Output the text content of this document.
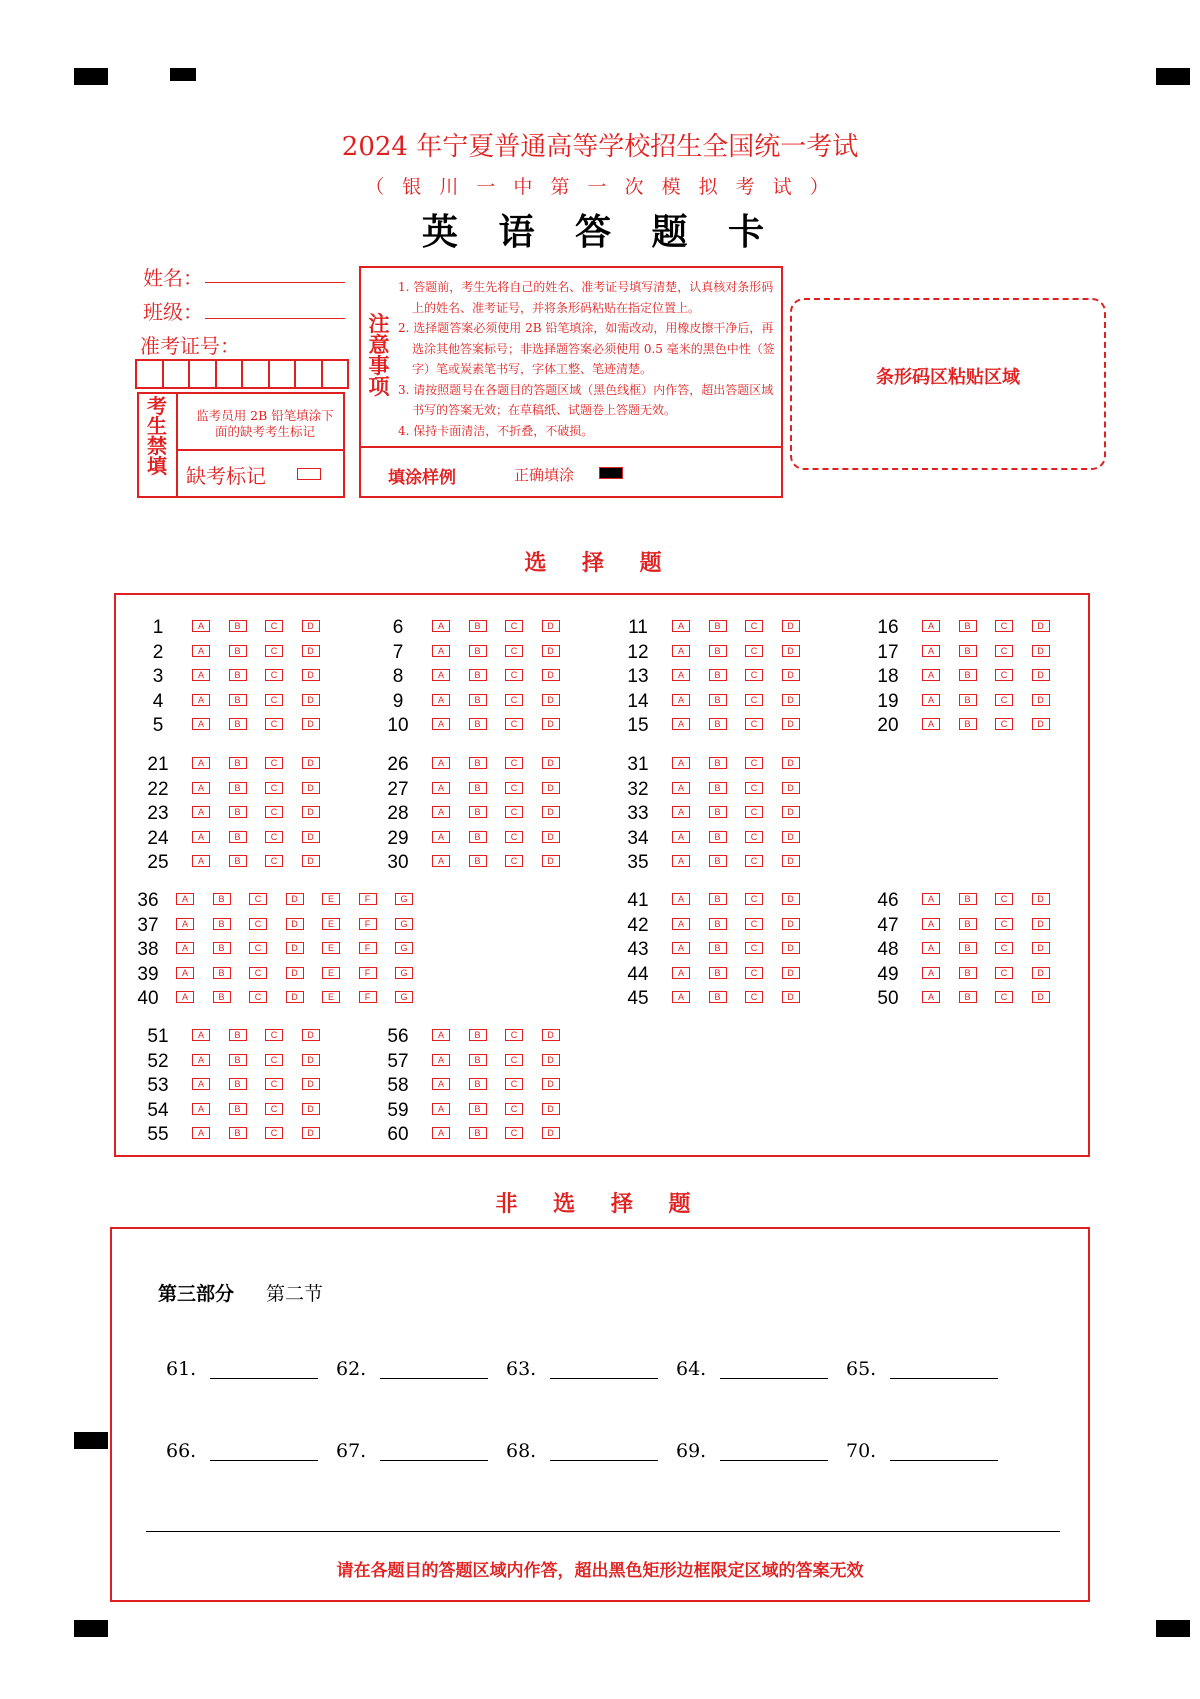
2024 年宁夏普通高等学校招生全国统一考试
（ 银 川 一 中 第 一 次 模 拟 考 试 ）
英 语 答 题 卡
姓名：
班级：
准考证号：
考生禁填
监考员用 2B 铅笔填涂下面的缺考考生标记
缺考标记
注意事项

1. 答题前，考生先将自己的姓名、准考证号填写清楚，认真核对条形码上的姓名、准考证号，并将条形码粘贴在指定位置上。

2. 选择题答案必须使用 2B 铅笔填涂，如需改动，用橡皮擦干净后，再选涂其他答案标号；非选择题答案必须使用 0.5 毫米的黑色中性（签字）笔或炭素笔书写，字体工整、笔迹清楚。

3. 请按照题号在各题目的答题区域（黑色线框）内作答，超出答题区域书写的答案无效；在草稿纸、试题卷上答题无效。

4. 保持卡面清洁，不折叠，不破损。

填涂样例	正确填涂
条形码区粘贴区域
选 择 题
1	A	B	C	D
2	A	B	C	D
3	A	B	C	D
4	A	B	C	D
5	A	B	C	D
6	A	B	C	D
7	A	B	C	D
8	A	B	C	D
9	A	B	C	D
10	A	B	C	D
11	A	B	C	D
12	A	B	C	D
13	A	B	C	D
14	A	B	C	D
15	A	B	C	D
16	A	B	C	D
17	A	B	C	D
18	A	B	C	D
19	A	B	C	D
20	A	B	C	D
21	A	B	C	D
22	A	B	C	D
23	A	B	C	D
24	A	B	C	D
25	A	B	C	D
26	A	B	C	D
27	A	B	C	D
28	A	B	C	D
29	A	B	C	D
30	A	B	C	D
31	A	B	C	D
32	A	B	C	D
33	A	B	C	D
34	A	B	C	D
35	A	B	C	D
36	A	B	C	D	E	F	G
37	A	B	C	D	E	F	G
38	A	B	C	D	E	F	G
39	A	B	C	D	E	F	G
40	A	B	C	D	E	F	G
41	A	B	C	D
42	A	B	C	D
43	A	B	C	D
44	A	B	C	D
45	A	B	C	D
46	A	B	C	D
47	A	B	C	D
48	A	B	C	D
49	A	B	C	D
50	A	B	C	D
51	A	B	C	D
52	A	B	C	D
53	A	B	C	D
54	A	B	C	D
55	A	B	C	D
56	A	B	C	D
57	A	B	C	D
58	A	B	C	D
59	A	B	C	D
60	A	B	C	D
非 选 择 题
第三部分 第二节
61.	62.	63.	64.	65.
66.	67.	68.	69.	70.
请在各题目的答题区域内作答，超出黑色矩形边框限定区域的答案无效
